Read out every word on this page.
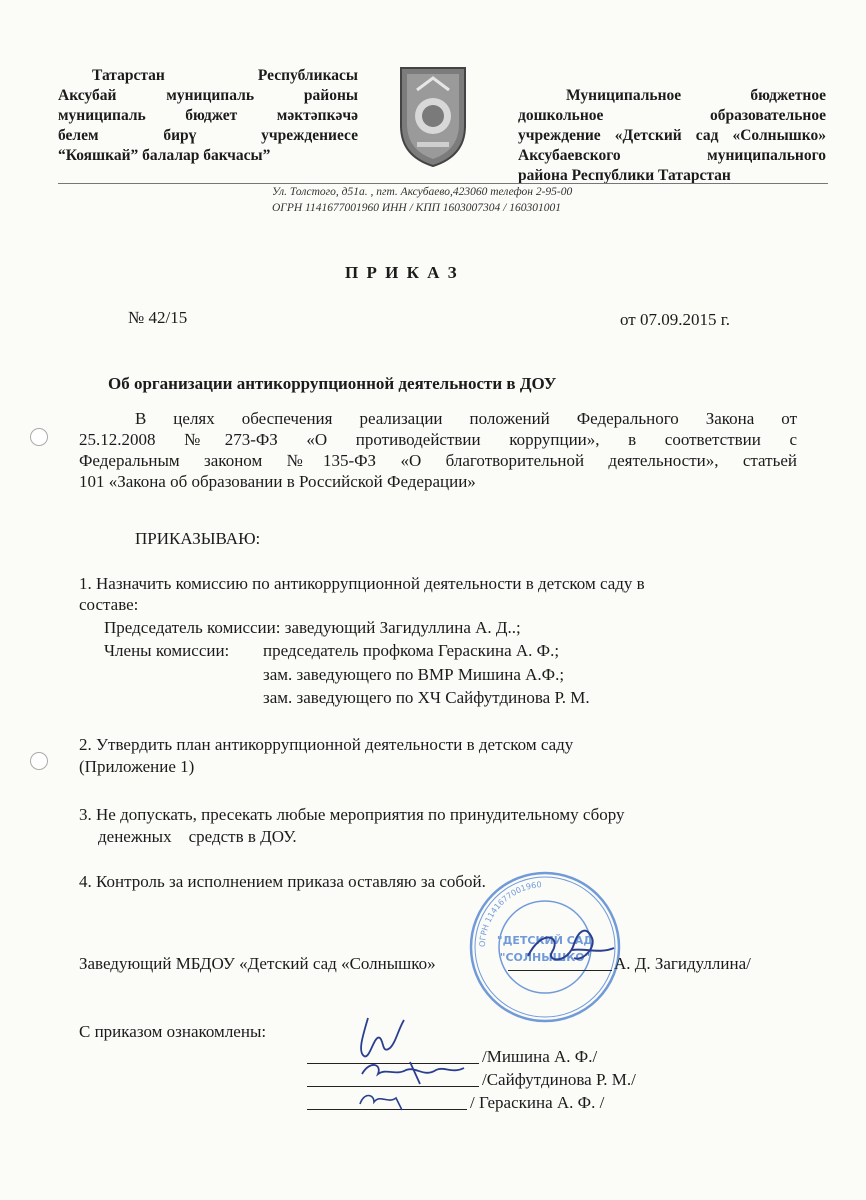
Татарстан Республикасы
Аксубай муниципаль районы
муниципаль бюджет мәктәпкәчә
белем бирү учреждениесе
“Кояшкай” балалар бакчасы”
Муниципальное бюджетное
дошкольное образовательное
учреждение «Детский сад «Солнышко»
Аксубаевского муниципального
района Республики Татарстан
Ул. Толстого, д51а. , пгт. Аксубаево,423060 телефон 2-95-00
ОГРН 1141677001960 ИНН / КПП 1603007304 / 160301001
П Р И К А З
№ 42/15	от 07.09.2015 г.
Об организации антикоррупционной деятельности в ДОУ
В целях обеспечения реализации положений Федерального Закона от
25.12.2008 №273-ФЗ «О противодействии коррупции», в соответствии с
Федеральным законом №135-ФЗ «О благотворительной деятельности», статьей
101 «Закона об образовании в Российской Федерации»
ПРИКАЗЫВАЮ:
1. Назначить комиссию по антикоррупционной деятельности в детском саду в
составе:
Председатель комиссии: заведующий Загидуллина А. Д..;
Члены комиссии: председатель профкома Гераскина А. Ф.;
зам. заведующего по ВМР Мишина А.Ф.;
зам. заведующего по ХЧ Сайфутдинова Р. М.
2. Утвердить план антикоррупционной деятельности в детском саду
(Приложение 1)
3. Не допускать, пресекать любые мероприятия по принудительному сбору
денежных    средств в ДОУ.
4. Контроль за исполнением приказа оставляю за собой.
ОГРН 1141677001960
"ДЕТСКИЙ САД
"СОЛНЫШКО"
Заведующий МБДОУ «Детский сад «Солнышко»	А. Д. Загидуллина/
С приказом ознакомлены:
/Мишина А. Ф./
/Сайфутдинова Р. М./
/ Гераскина А. Ф. /
